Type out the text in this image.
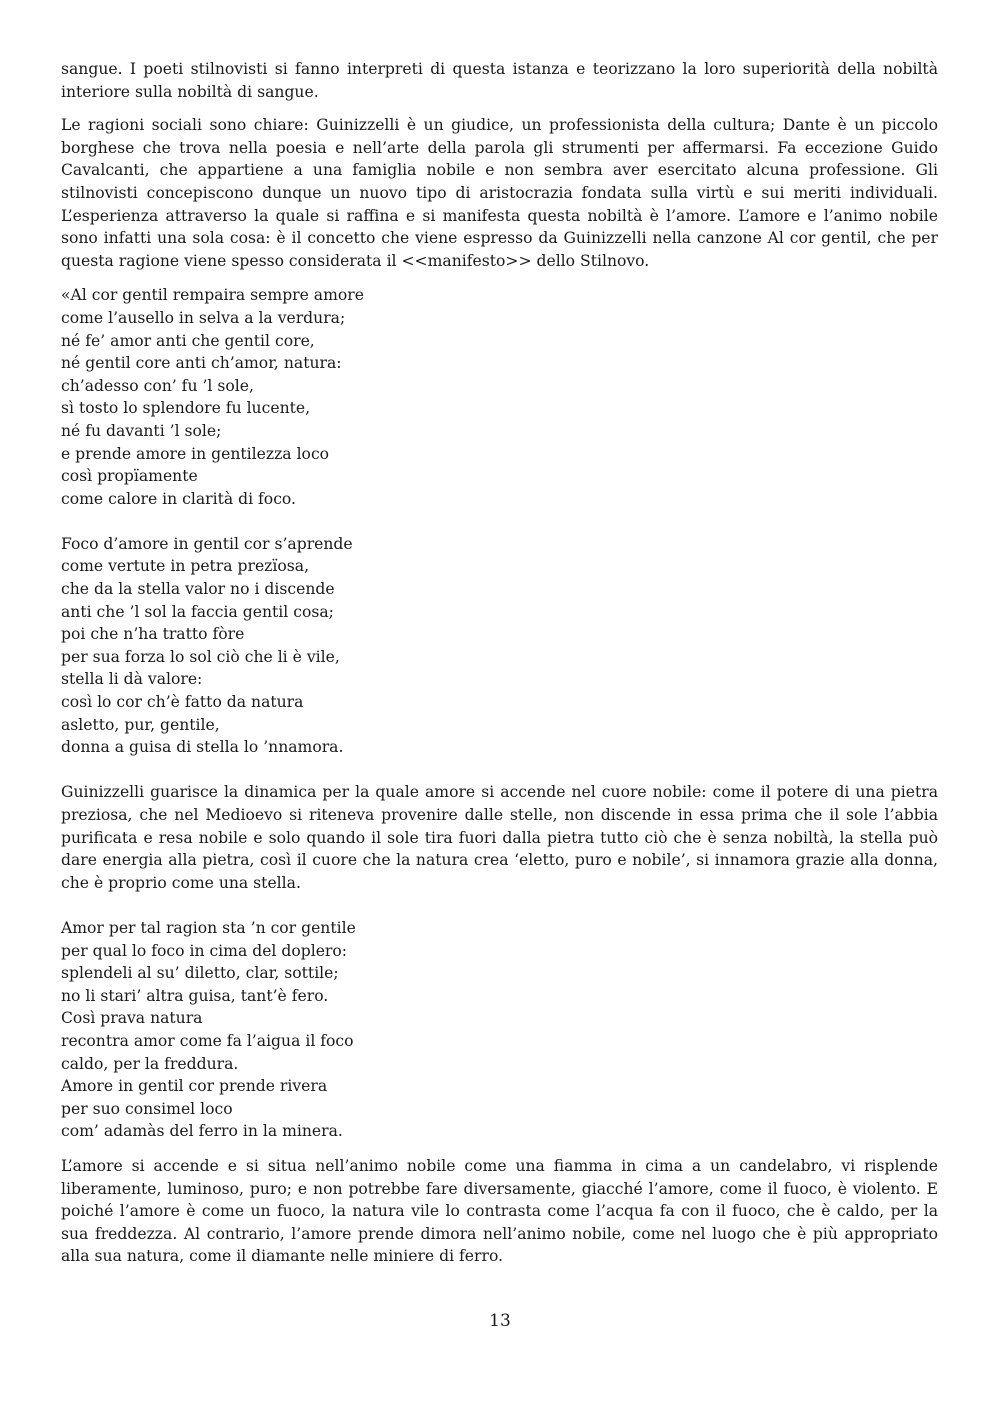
sangue. I poeti stilnovisti si fanno interpreti di questa istanza e teorizzano la loro superiorità della nobiltà interiore sulla nobiltà di sangue.

Le ragioni sociali sono chiare: Guinizzelli è un giudice, un professionista della cultura; Dante è un piccolo borghese che trova nella poesia e nell’arte della parola gli strumenti per affermarsi. Fa eccezione Guido Cavalcanti, che appartiene a una famiglia nobile e non sembra aver esercitato alcuna professione. Gli stilnovisti concepiscono dunque un nuovo tipo di aristocrazia fondata sulla virtù e sui meriti individuali. L’esperienza attraverso la quale si raffina e si manifesta questa nobiltà è l’amore. L’amore e l’animo nobile sono infatti una sola cosa: è il concetto che viene espresso da Guinizzelli nella canzone Al cor gentil, che per questa ragione viene spesso considerata il <<manifesto>> dello Stilnovo.

«Al cor gentil rempaira sempre amore
come l’ausello in selva a la verdura;
né fe’ amor anti che gentil core,
né gentil core anti ch’amor, natura:
ch’adesso con’ fu ’l sole,
sì tosto lo splendore fu lucente,
né fu davanti ’l sole;
e prende amore in gentilezza loco
così propïamente
come calore in clarità di foco.
Foco d’amore in gentil cor s’aprende
come vertute in petra prezïosa,
che da la stella valor no i discende
anti che ’l sol la faccia gentil cosa;
poi che n’ha tratto fòre
per sua forza lo sol ciò che li è vile,
stella li dà valore:
così lo cor ch’è fatto da natura
asletto, pur, gentile,
donna a guisa di stella lo ’nnamora.

Guinizzelli guarisce la dinamica per la quale amore si accende nel cuore nobile: come il potere di una pietra preziosa, che nel Medioevo si riteneva provenire dalle stelle, non discende in essa prima che il sole l’abbia purificata e resa nobile e solo quando il sole tira fuori dalla pietra tutto ciò che è senza nobiltà, la stella può dare energia alla pietra, così il cuore che la natura crea ‘eletto, puro e nobile’, si innamora grazie alla donna, che è proprio come una stella.

Amor per tal ragion sta ’n cor gentile
per qual lo foco in cima del doplero:
splendeli al su’ diletto, clar, sottile;
no li stari’ altra guisa, tant’è fero.
Così prava natura
recontra amor come fa l’aigua il foco
caldo, per la freddura.
Amore in gentil cor prende rivera
per suo consimel loco
com’ adamàs del ferro in la minera.

L’amore si accende e si situa nell’animo nobile come una fiamma in cima a un candelabro, vi risplende liberamente, luminoso, puro; e non potrebbe fare diversamente, giacché l’amore, come il fuoco, è violento. E poiché l’amore è come un fuoco, la natura vile lo contrasta come l’acqua fa con il fuoco, che è caldo, per la sua freddezza. Al contrario, l’amore prende dimora nell’animo nobile, come nel luogo che è più appropriato alla sua natura, come il diamante nelle miniere di ferro.

13
